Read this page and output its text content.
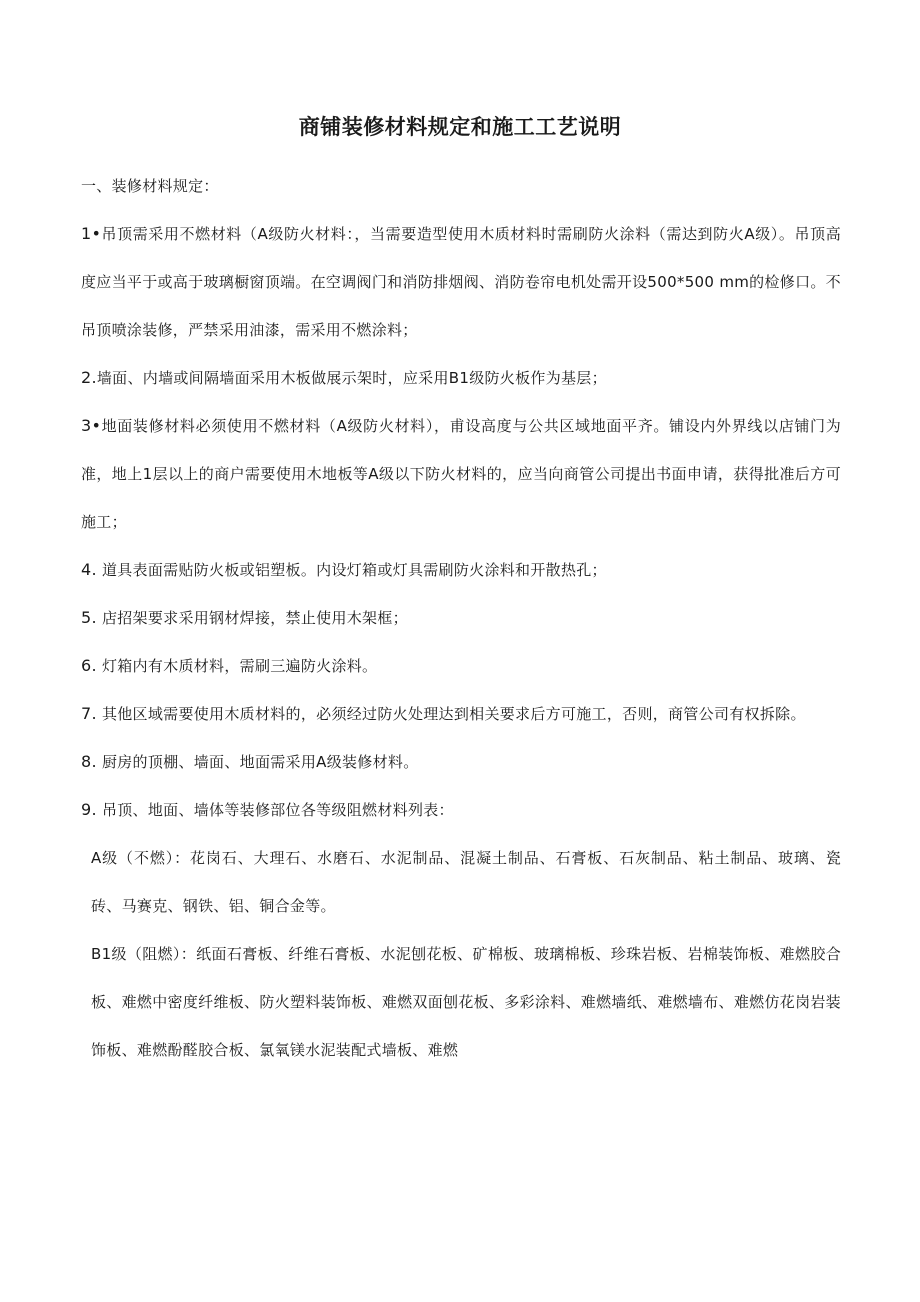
商铺装修材料规定和施工工艺说明

一、装修材料规定：

1•吊顶需采用不燃材料（A级防火材料：，当需要造型使用木质材料时需刷防火涂料（需达到防火A级）。吊顶高度应当平于或高于玻璃橱窗顶端。在空调阀门和消防排烟阀、消防卷帘电机处需开设500*500 mm的检修口。不吊顶喷涂装修，严禁采用油漆，需采用不燃涂料；

2.墙面、内墙或间隔墙面采用木板做展示架时，应采用B1级防火板作为基层；

3•地面装修材料必须使用不燃材料（A级防火材料），甫设高度与公共区域地面平齐。铺设内外界线以店铺门为准，地上1层以上的商户需要使用木地板等A级以下防火材料的，应当向商管公司提出书面申请，获得批准后方可施工；

4. 道具表面需贴防火板或铝塑板。内设灯箱或灯具需刷防火涂料和开散热孔；

5. 店招架要求采用钢材焊接，禁止使用木架框；

6. 灯箱内有木质材料，需刷三遍防火涂料。

7. 其他区域需要使用木质材料的，必须经过防火处理达到相关要求后方可施工，否则，商管公司有权拆除。

8. 厨房的顶棚、墙面、地面需采用A级装修材料。

9. 吊顶、地面、墙体等装修部位各等级阻燃材料列表：

A级（不燃）：花岗石、大理石、水磨石、水泥制品、混凝土制品、石膏板、石灰制品、粘土制品、玻璃、瓷砖、马赛克、钢铁、铝、铜合金等。

B1级（阻燃）：纸面石膏板、纤维石膏板、水泥刨花板、矿棉板、玻璃棉板、珍珠岩板、岩棉装饰板、难燃胶合板、难燃中密度纤维板、防火塑料装饰板、难燃双面刨花板、多彩涂料、难燃墙纸、难燃墙布、难燃仿花岗岩装饰板、难燃酚醛胶合板、氯氧镁水泥装配式墙板、难燃
